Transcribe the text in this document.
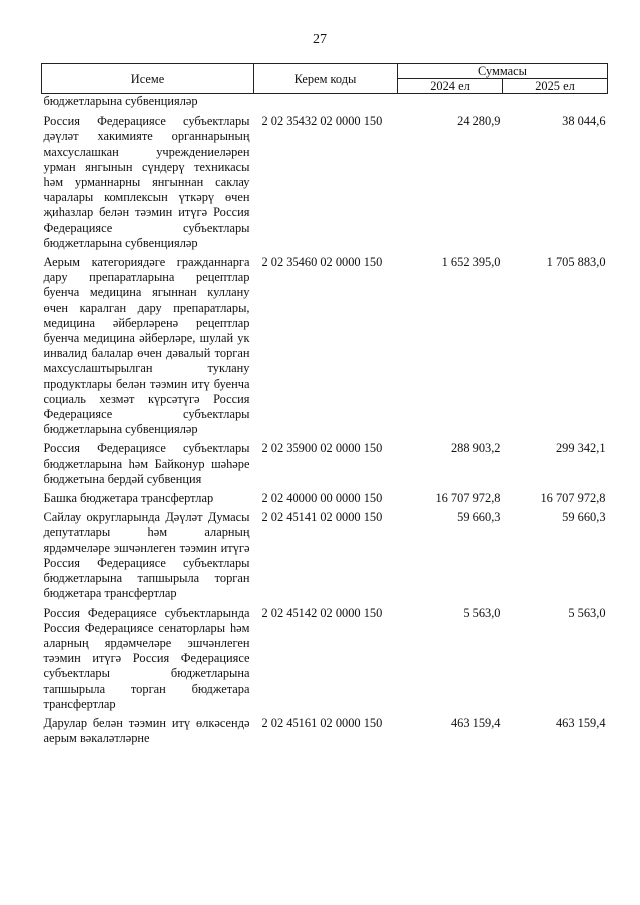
27
Исеме	Керем коды	Суммасы	
		2024 ел	2025 ел
бюджетларына субвенцияләр			
Россия Федерациясе субъектлары дәүләт хакимияте органнарының махсуслашкан учреждениеләрен урман янгынын сүндерү техникасы һәм урманнарны янгыннан саклау чаралары комплексын үткәрү өчен җиһазлар белән тәэмин итүгә Россия Федерациясе субъектлары бюджетларына субвенцияләр	2 02 35432 02 0000 150	24 280,9	38 044,6
Аерым категориядәге гражданнарга дару препаратларына рецептлар буенча медицина ягыннан куллану өчен каралган дару препаратлары, медицина әйберләренә рецептлар буенча медицина әйберләре, шулай ук инвалид балалар өчен дәвалый торган махсуслаштырылган туклану продуктлары белән тәэмин итү буенча социаль хезмәт күрсәтүгә Россия Федерациясе субъектлары бюджетларына субвенцияләр	2 02 35460 02 0000 150	1 652 395,0	1 705 883,0
Россия Федерациясе субъектлары бюджетларына һәм Байконур шәһәре бюджетына бердәй субвенция	2 02 35900 02 0000 150	288 903,2	299 342,1
Башка бюджетара трансфертлар	2 02 40000 00 0000 150	16 707 972,8	16 707 972,8
Сайлау округларында Дәүләт Думасы депутатлары һәм аларның ярдәмчеләре эшчәнлеген тәэмин итүгә Россия Федерациясе субъектлары бюджетларына тапшырыла торган бюджетара трансфертлар	2 02 45141 02 0000 150	59 660,3	59 660,3
Россия Федерациясе субъектларында Россия Федерациясе сенаторлары һәм аларның ярдәмчеләре эшчәнлеген тәэмин итүгә Россия Федерациясе субъектлары бюджетларына тапшырыла торган бюджетара трансфертлар	2 02 45142 02 0000 150	5 563,0	5 563,0
Дарулар белән тәэмин итү өлкәсендә аерым вәкаләтләрне	2 02 45161 02 0000 150	463 159,4	463 159,4
